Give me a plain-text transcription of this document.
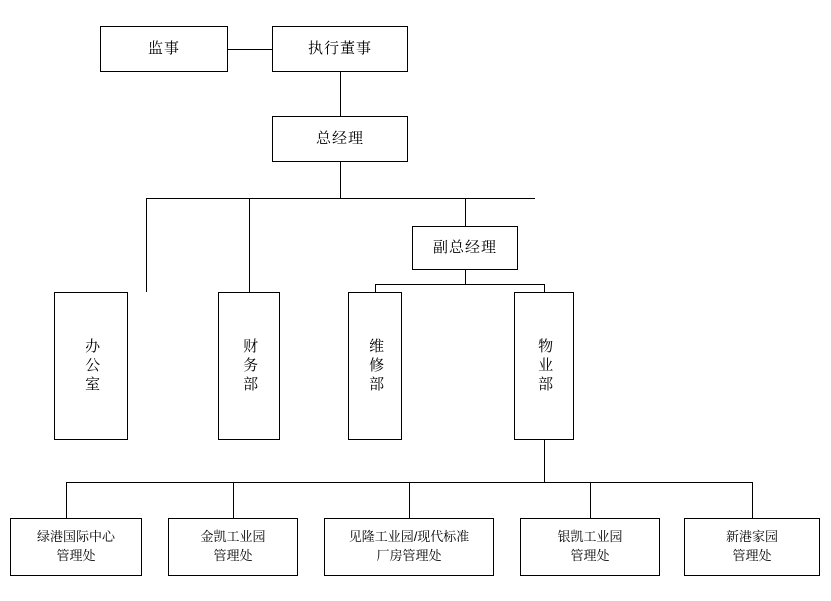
监事	执行董事
总经理
副总经理
办公室	财务部	维修部	物业部
绿港国际中心
管理处
金凯工业园
管理处
见隆工业园/现代标准
厂房管理处
银凯工业园
管理处
新港家园
管理处
